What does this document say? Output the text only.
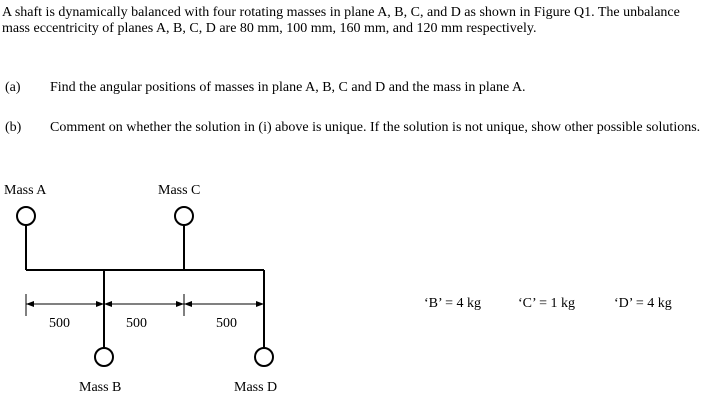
A shaft is dynamically balanced with four rotating masses in plane A, B, C, and D as shown in Figure Q1. The unbalance mass eccentricity of planes A, B, C, D are 80 mm, 100 mm, 160 mm, and 120 mm respectively.

(a) Find the angular positions of masses in plane A, B, C and D and the mass in plane A.
(b) Comment on whether the solution in (i) above is unique. If the solution is not unique, show other possible solutions.
Mass A	Mass C
Mass B	Mass D
500	500	500
‘B’ = 4 kg	‘C’ = 1 kg	‘D’ = 4 kg
